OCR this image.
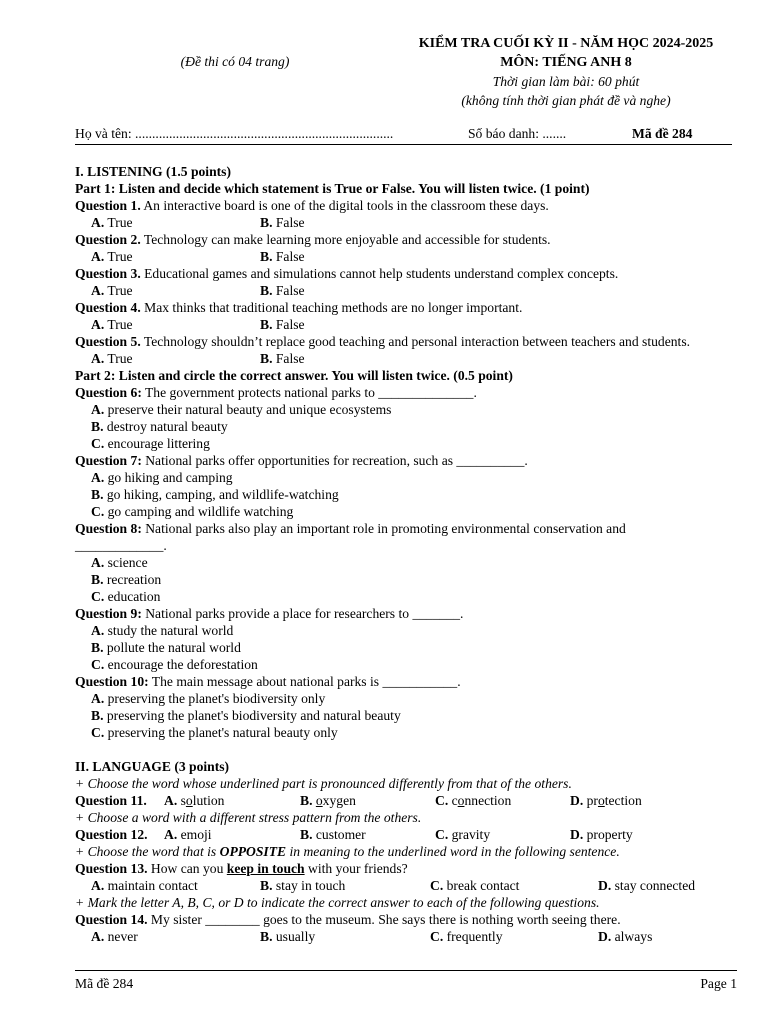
KIỂM TRA CUỐI KỲ II - NĂM HỌC 2024-2025
MÔN: TIẾNG ANH 8
Thời gian làm bài: 60 phút
(không tính thời gian phát đề và nghe)
(Đề thi có 04 trang)
Họ và tên: ............................................................................	Số báo danh: .......	Mã đề 284
I. LISTENING (1.5 points)
Part 1: Listen and decide which statement is True or False. You will listen twice. (1 point)
Question 1. An interactive board is one of the digital tools in the classroom these days.
A. True	B. False
Question 2. Technology can make learning more enjoyable and accessible for students.
A. True	B. False
Question 3. Educational games and simulations cannot help students understand complex concepts.
A. True	B. False
Question 4. Max thinks that traditional teaching methods are no longer important.
A. True	B. False
Question 5. Technology shouldn’t replace good teaching and personal interaction between teachers and students.
A. True	B. False
Part 2: Listen and circle the correct answer. You will listen twice. (0.5 point)
Question 6: The government protects national parks to ______________.
A. preserve their natural beauty and unique ecosystems
B. destroy natural beauty
C. encourage littering
Question 7: National parks offer opportunities for recreation, such as __________.
A. go hiking and camping
B. go hiking, camping, and wildlife-watching
C. go camping and wildlife watching
Question 8: National parks also play an important role in promoting environmental conservation and
_____________.
A. science
B. recreation
C. education
Question 9: National parks provide a place for researchers to _______.
A. study the natural world
B. pollute the natural world
C. encourage the deforestation
Question 10: The main message about national parks is ___________.
A. preserving the planet's biodiversity only
B. preserving the planet's biodiversity and natural beauty
C. preserving the planet's natural beauty only
II. LANGUAGE (3 points)
+ Choose the word whose underlined part is pronounced differently from that of the others.
Question 11. A. solution	B. oxygen	C. connection	D. protection
+ Choose a word with a different stress pattern from the others.
Question 12. A. emoji	B. customer	C. gravity	D. property
+ Choose the word that is OPPOSITE in meaning to the underlined word in the following sentence.
Question 13. How can you keep in touch with your friends?
A. maintain contact	B. stay in touch	C. break contact	D. stay connected
+ Mark the letter A, B, C, or D to indicate the correct answer to each of the following questions.
Question 14. My sister ________ goes to the museum. She says there is nothing worth seeing there.
A. never	B. usually	C. frequently	D. always
Mã đề 284	Page 1
